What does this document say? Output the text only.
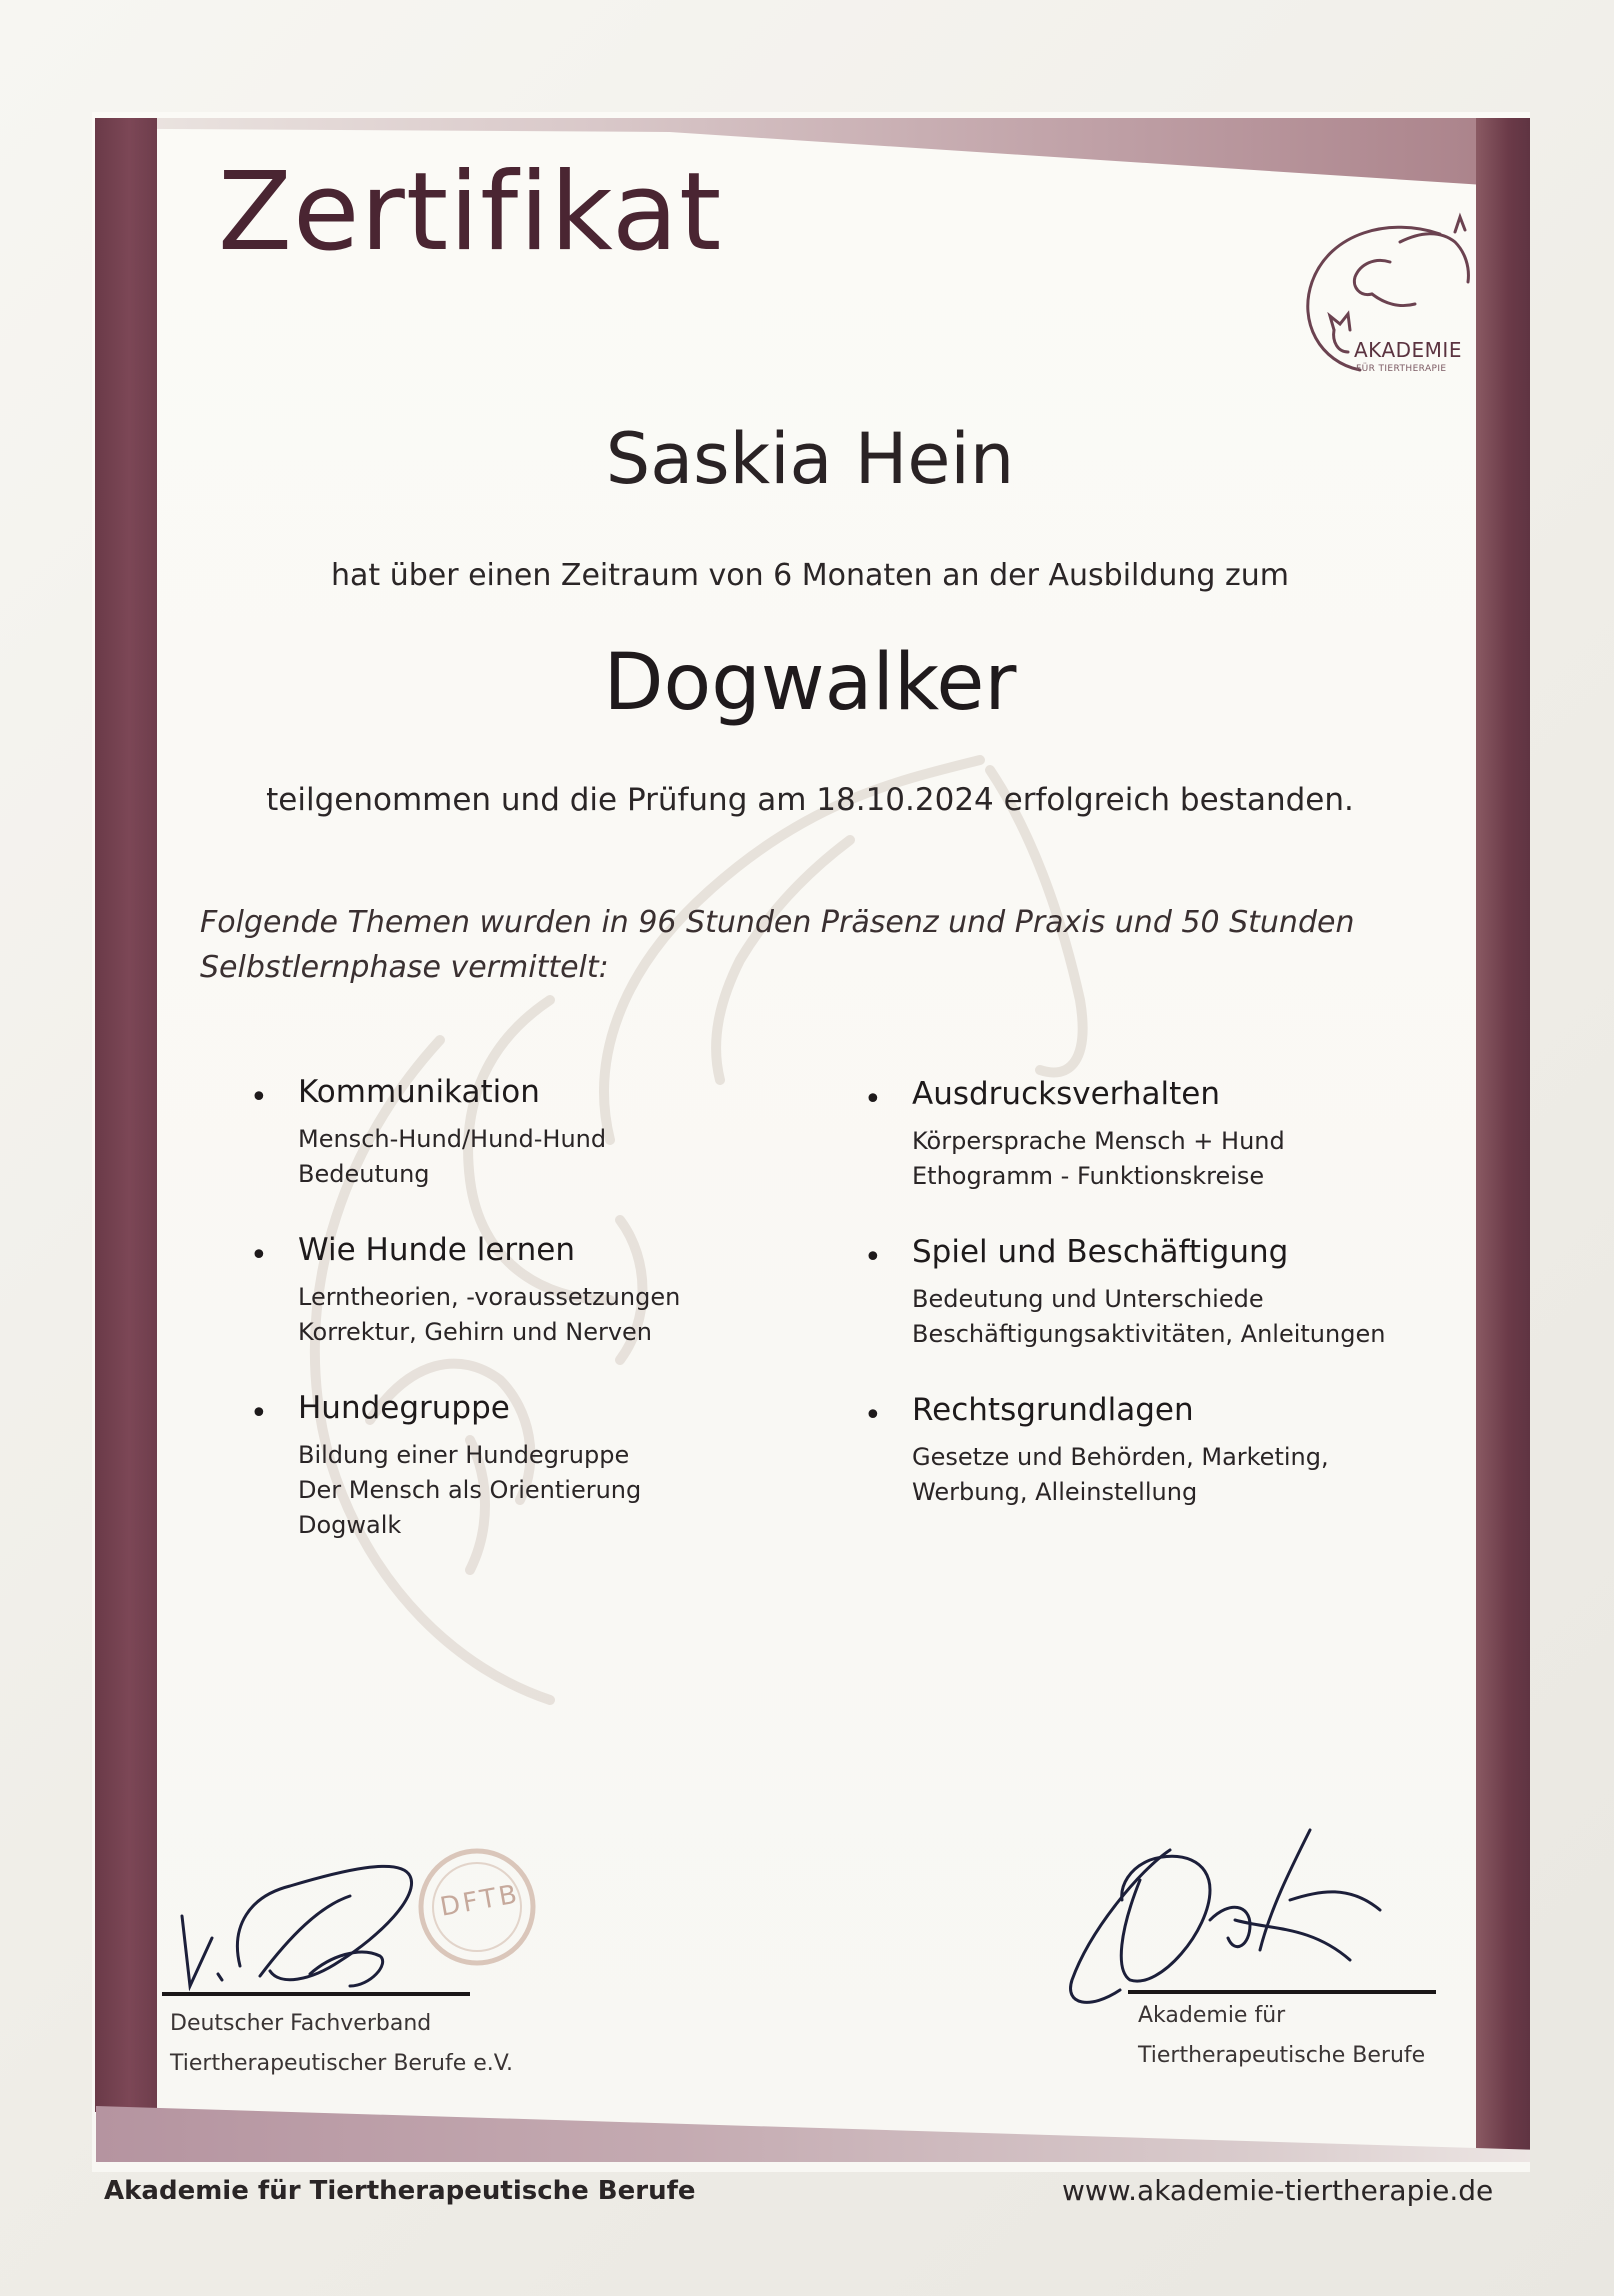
Zertifikat
AKADEMIE
FÜR TIERTHERAPIE
Saskia Hein
hat über einen Zeitraum von 6 Monaten an der Ausbildung zum
Dogwalker
teilgenommen und die Prüfung am 18.10.2024 erfolgreich bestanden.
Folgende Themen wurden in 96 Stunden Präsenz und Praxis und 50 Stunden
Selbstlernphase vermittelt:
• Kommunikation
Mensch-Hund/Hund-Hund
Bedeutung
• Ausdrucksverhalten
Körpersprache Mensch + Hund
Ethogramm - Funktionskreise
• Wie Hunde lernen
Lerntheorien, -voraussetzungen
Korrektur, Gehirn und Nerven
• Spiel und Beschäftigung
Bedeutung und Unterschiede
Beschäftigungsaktivitäten, Anleitungen
• Hundegruppe
Bildung einer Hundegruppe
Der Mensch als Orientierung
Dogwalk
• Rechtsgrundlagen
Gesetze und Behörden, Marketing,
Werbung, Alleinstellung
DFTB
Deutscher Fachverband
Tiertherapeutischer Berufe e.V.
Akademie für
Tiertherapeutische Berufe
Akademie für Tiertherapeutische Berufe	www.akademie-tiertherapie.de
